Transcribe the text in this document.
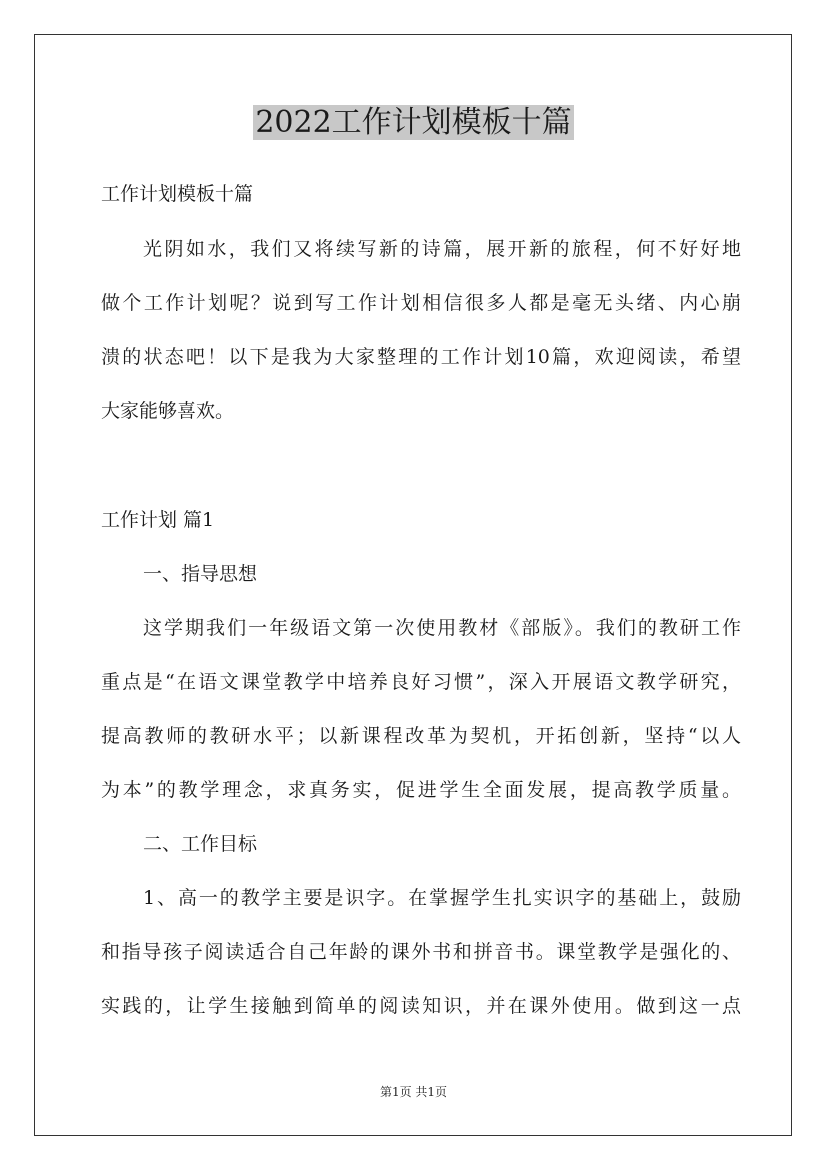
2022工作计划模板十篇

工作计划模板十篇

光阴如水，我们又将续写新的诗篇，展开新的旅程，何不好好地

做个工作计划呢？说到写工作计划相信很多人都是毫无头绪、内心崩

溃的状态吧！以下是我为大家整理的工作计划10篇，欢迎阅读，希望

大家能够喜欢。

工作计划 篇1

一、指导思想

这学期我们一年级语文第一次使用教材《部版》。我们的教研工作

重点是“在语文课堂教学中培养良好习惯”，深入开展语文教学研究，

提高教师的教研水平；以新课程改革为契机，开拓创新，坚持“以人

为本”的教学理念，求真务实，促进学生全面发展，提高教学质量。

二、工作目标

1、高一的教学主要是识字。在掌握学生扎实识字的基础上，鼓励

和指导孩子阅读适合自己年龄的课外书和拼音书。课堂教学是强化的、

实践的，让学生接触到简单的阅读知识，并在课外使用。做到这一点

第1页 共1页
